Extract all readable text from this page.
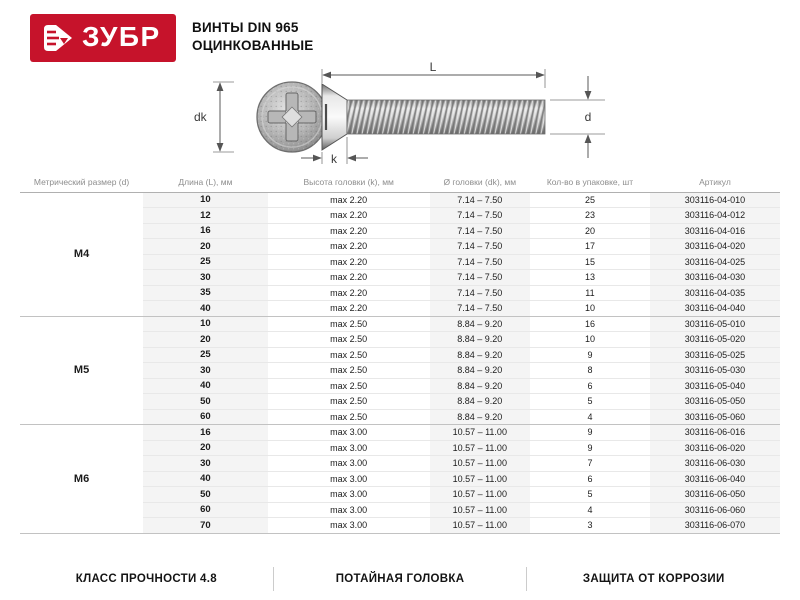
ЗУБР ВИНТЫ DIN 965
ОЦИНКОВАННЫЕ
dk
L
d
k
Метрический размер (d)	Длина (L), мм	Высота головки (k), мм	Ø головки (dk), мм	Кол-во в упаковке, шт	Артикул
M4	10	max 2.20	7.14 – 7.50	25	303116-04-010
	12	max 2.20	7.14 – 7.50	23	303116-04-012
	16	max 2.20	7.14 – 7.50	20	303116-04-016
	20	max 2.20	7.14 – 7.50	17	303116-04-020
	25	max 2.20	7.14 – 7.50	15	303116-04-025
	30	max 2.20	7.14 – 7.50	13	303116-04-030
	35	max 2.20	7.14 – 7.50	11	303116-04-035
	40	max 2.20	7.14 – 7.50	10	303116-04-040
M5	10	max 2.50	8.84 – 9.20	16	303116-05-010
	20	max 2.50	8.84 – 9.20	10	303116-05-020
	25	max 2.50	8.84 – 9.20	9	303116-05-025
	30	max 2.50	8.84 – 9.20	8	303116-05-030
	40	max 2.50	8.84 – 9.20	6	303116-05-040
	50	max 2.50	8.84 – 9.20	5	303116-05-050
	60	max 2.50	8.84 – 9.20	4	303116-05-060
M6	16	max 3.00	10.57 – 11.00	9	303116-06-016
	20	max 3.00	10.57 – 11.00	9	303116-06-020
	30	max 3.00	10.57 – 11.00	7	303116-06-030
	40	max 3.00	10.57 – 11.00	6	303116-06-040
	50	max 3.00	10.57 – 11.00	5	303116-06-050
	60	max 3.00	10.57 – 11.00	4	303116-06-060
	70	max 3.00	10.57 – 11.00	3	303116-06-070
КЛАСС ПРОЧНОСТИ 4.8	ПОТАЙНАЯ ГОЛОВКА	ЗАЩИТА ОТ КОРРОЗИИ
